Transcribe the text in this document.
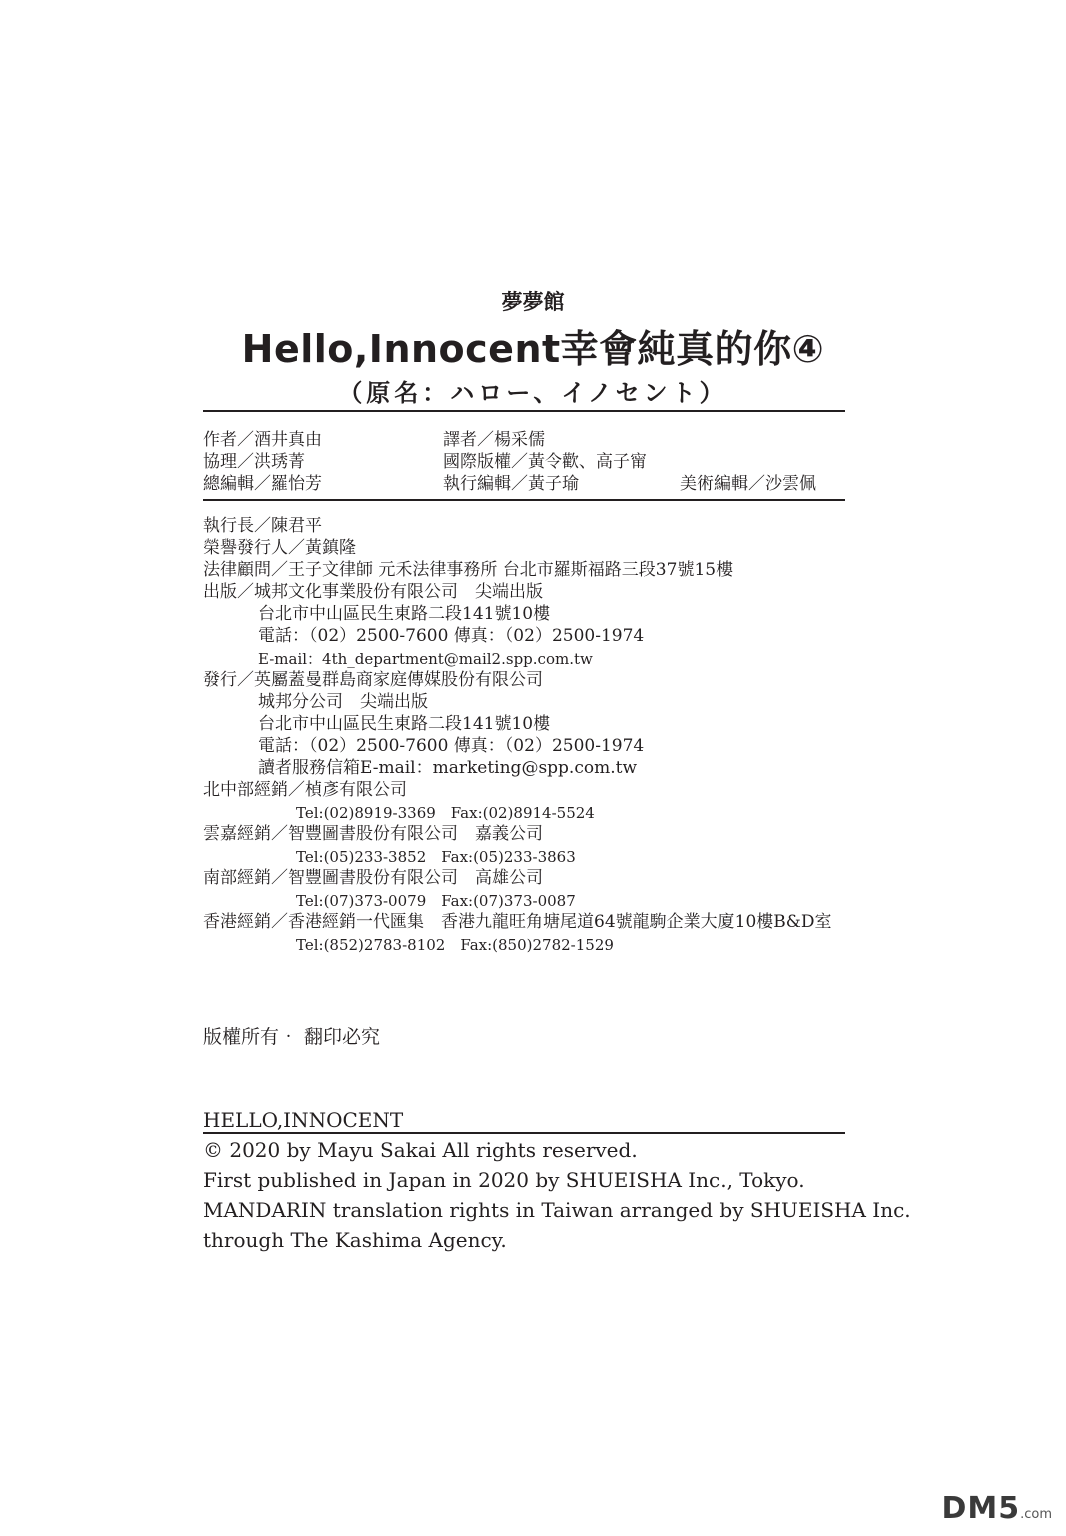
夢夢館
Hello,Innocent幸會純真的你④
（原名：ハロー、イノセント）
作者／酒井真由	譯者／楊采儒
協理／洪琇菁	國際版權／黃令歡、高子甯
總編輯／羅怡芳	執行編輯／黃子瑜	美術編輯／沙雲佩
執行長／陳君平
榮譽發行人／黃鎮隆
法律顧問／王子文律師 元禾法律事務所 台北市羅斯福路三段37號15樓
出版／城邦文化事業股份有限公司　尖端出版
台北市中山區民生東路二段141號10樓
電話：（02）2500-7600 傳真：（02）2500-1974
E-mail：4th_department@mail2.spp.com.tw
發行／英屬蓋曼群島商家庭傳媒股份有限公司
城邦分公司　尖端出版
台北市中山區民生東路二段141號10樓
電話：（02）2500-7600 傳真：（02）2500-1974
讀者服務信箱E-mail：marketing@spp.com.tw
北中部經銷／楨彥有限公司
Tel:(02)8919-3369　Fax:(02)8914-5524
雲嘉經銷／智豐圖書股份有限公司　嘉義公司
Tel:(05)233-3852　Fax:(05)233-3863
南部經銷／智豐圖書股份有限公司　高雄公司
Tel:(07)373-0079　Fax:(07)373-0087
香港經銷／香港經銷一代匯集　香港九龍旺角塘尾道64號龍駒企業大廈10樓B&D室
Tel:(852)2783-8102　Fax:(850)2782-1529
版權所有‧ 翻印必究
HELLO,INNOCENT
© 2020 by Mayu Sakai All rights reserved.
First published in Japan in 2020 by SHUEISHA Inc., Tokyo.
MANDARIN translation rights in Taiwan arranged by SHUEISHA Inc.
through The Kashima Agency.
DM5.com
